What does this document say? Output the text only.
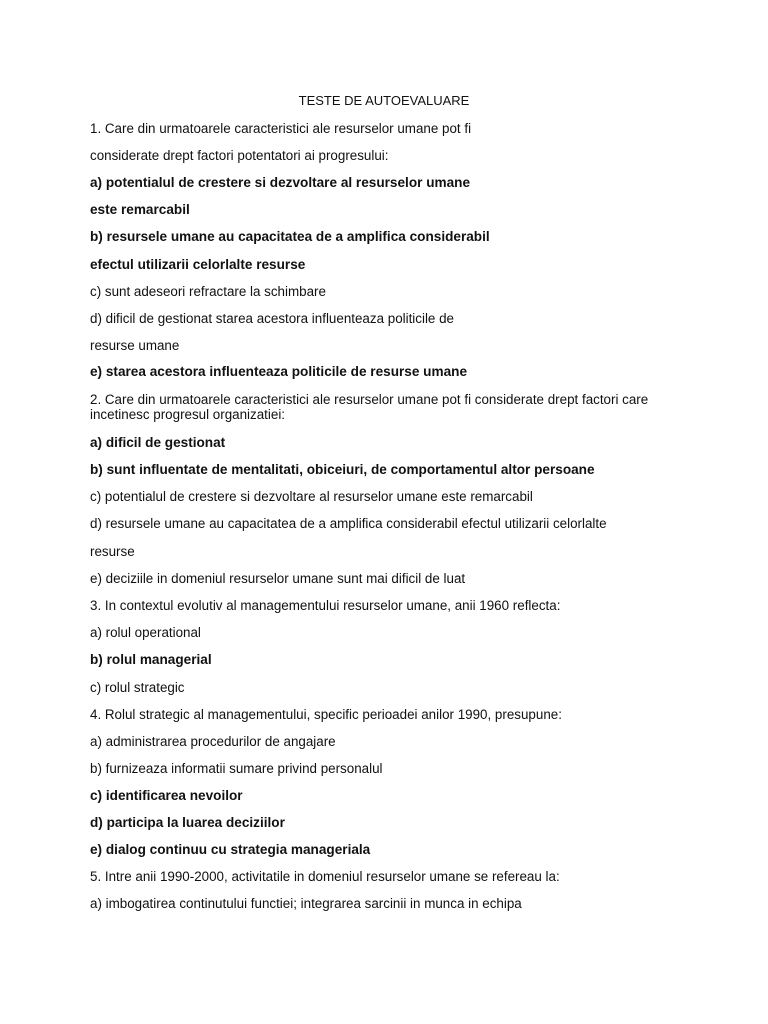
TESTE DE AUTOEVALUARE
1. Care din urmatoarele caracteristici ale resurselor umane pot fi
considerate drept factori potentatori ai progresului:
a) potentialul de crestere si dezvoltare al resurselor umane
este remarcabil
b) resursele umane au capacitatea de a amplifica considerabil
efectul utilizarii celorlalte resurse
c) sunt adeseori refractare la schimbare
d) dificil de gestionat starea acestora influenteaza politicile de
resurse umane
e) starea acestora influenteaza politicile de resurse umane
2. Care din urmatoarele caracteristici ale resurselor umane pot fi considerate drept factori care incetinesc progresul organizatiei:
a) dificil de gestionat
b) sunt influentate de mentalitati, obiceiuri, de comportamentul altor persoane
c) potentialul de crestere si dezvoltare al resurselor umane este remarcabil
d) resursele umane au capacitatea de a amplifica considerabil efectul utilizarii celorlalte
resurse
e) deciziile in domeniul resurselor umane sunt mai dificil de luat
3. In contextul evolutiv al managementului resurselor umane, anii 1960 reflecta:
a) rolul operational
b) rolul managerial
c) rolul strategic
4. Rolul strategic al managementului, specific perioadei anilor 1990, presupune:
a) administrarea procedurilor de angajare
b) furnizeaza informatii sumare privind personalul
c) identificarea nevoilor
d) participa la luarea deciziilor
e) dialog continuu cu strategia manageriala
5. Intre anii 1990-2000, activitatile in domeniul resurselor umane se refereau la:
a) imbogatirea continutului functiei; integrarea sarcinii in munca in echipa
